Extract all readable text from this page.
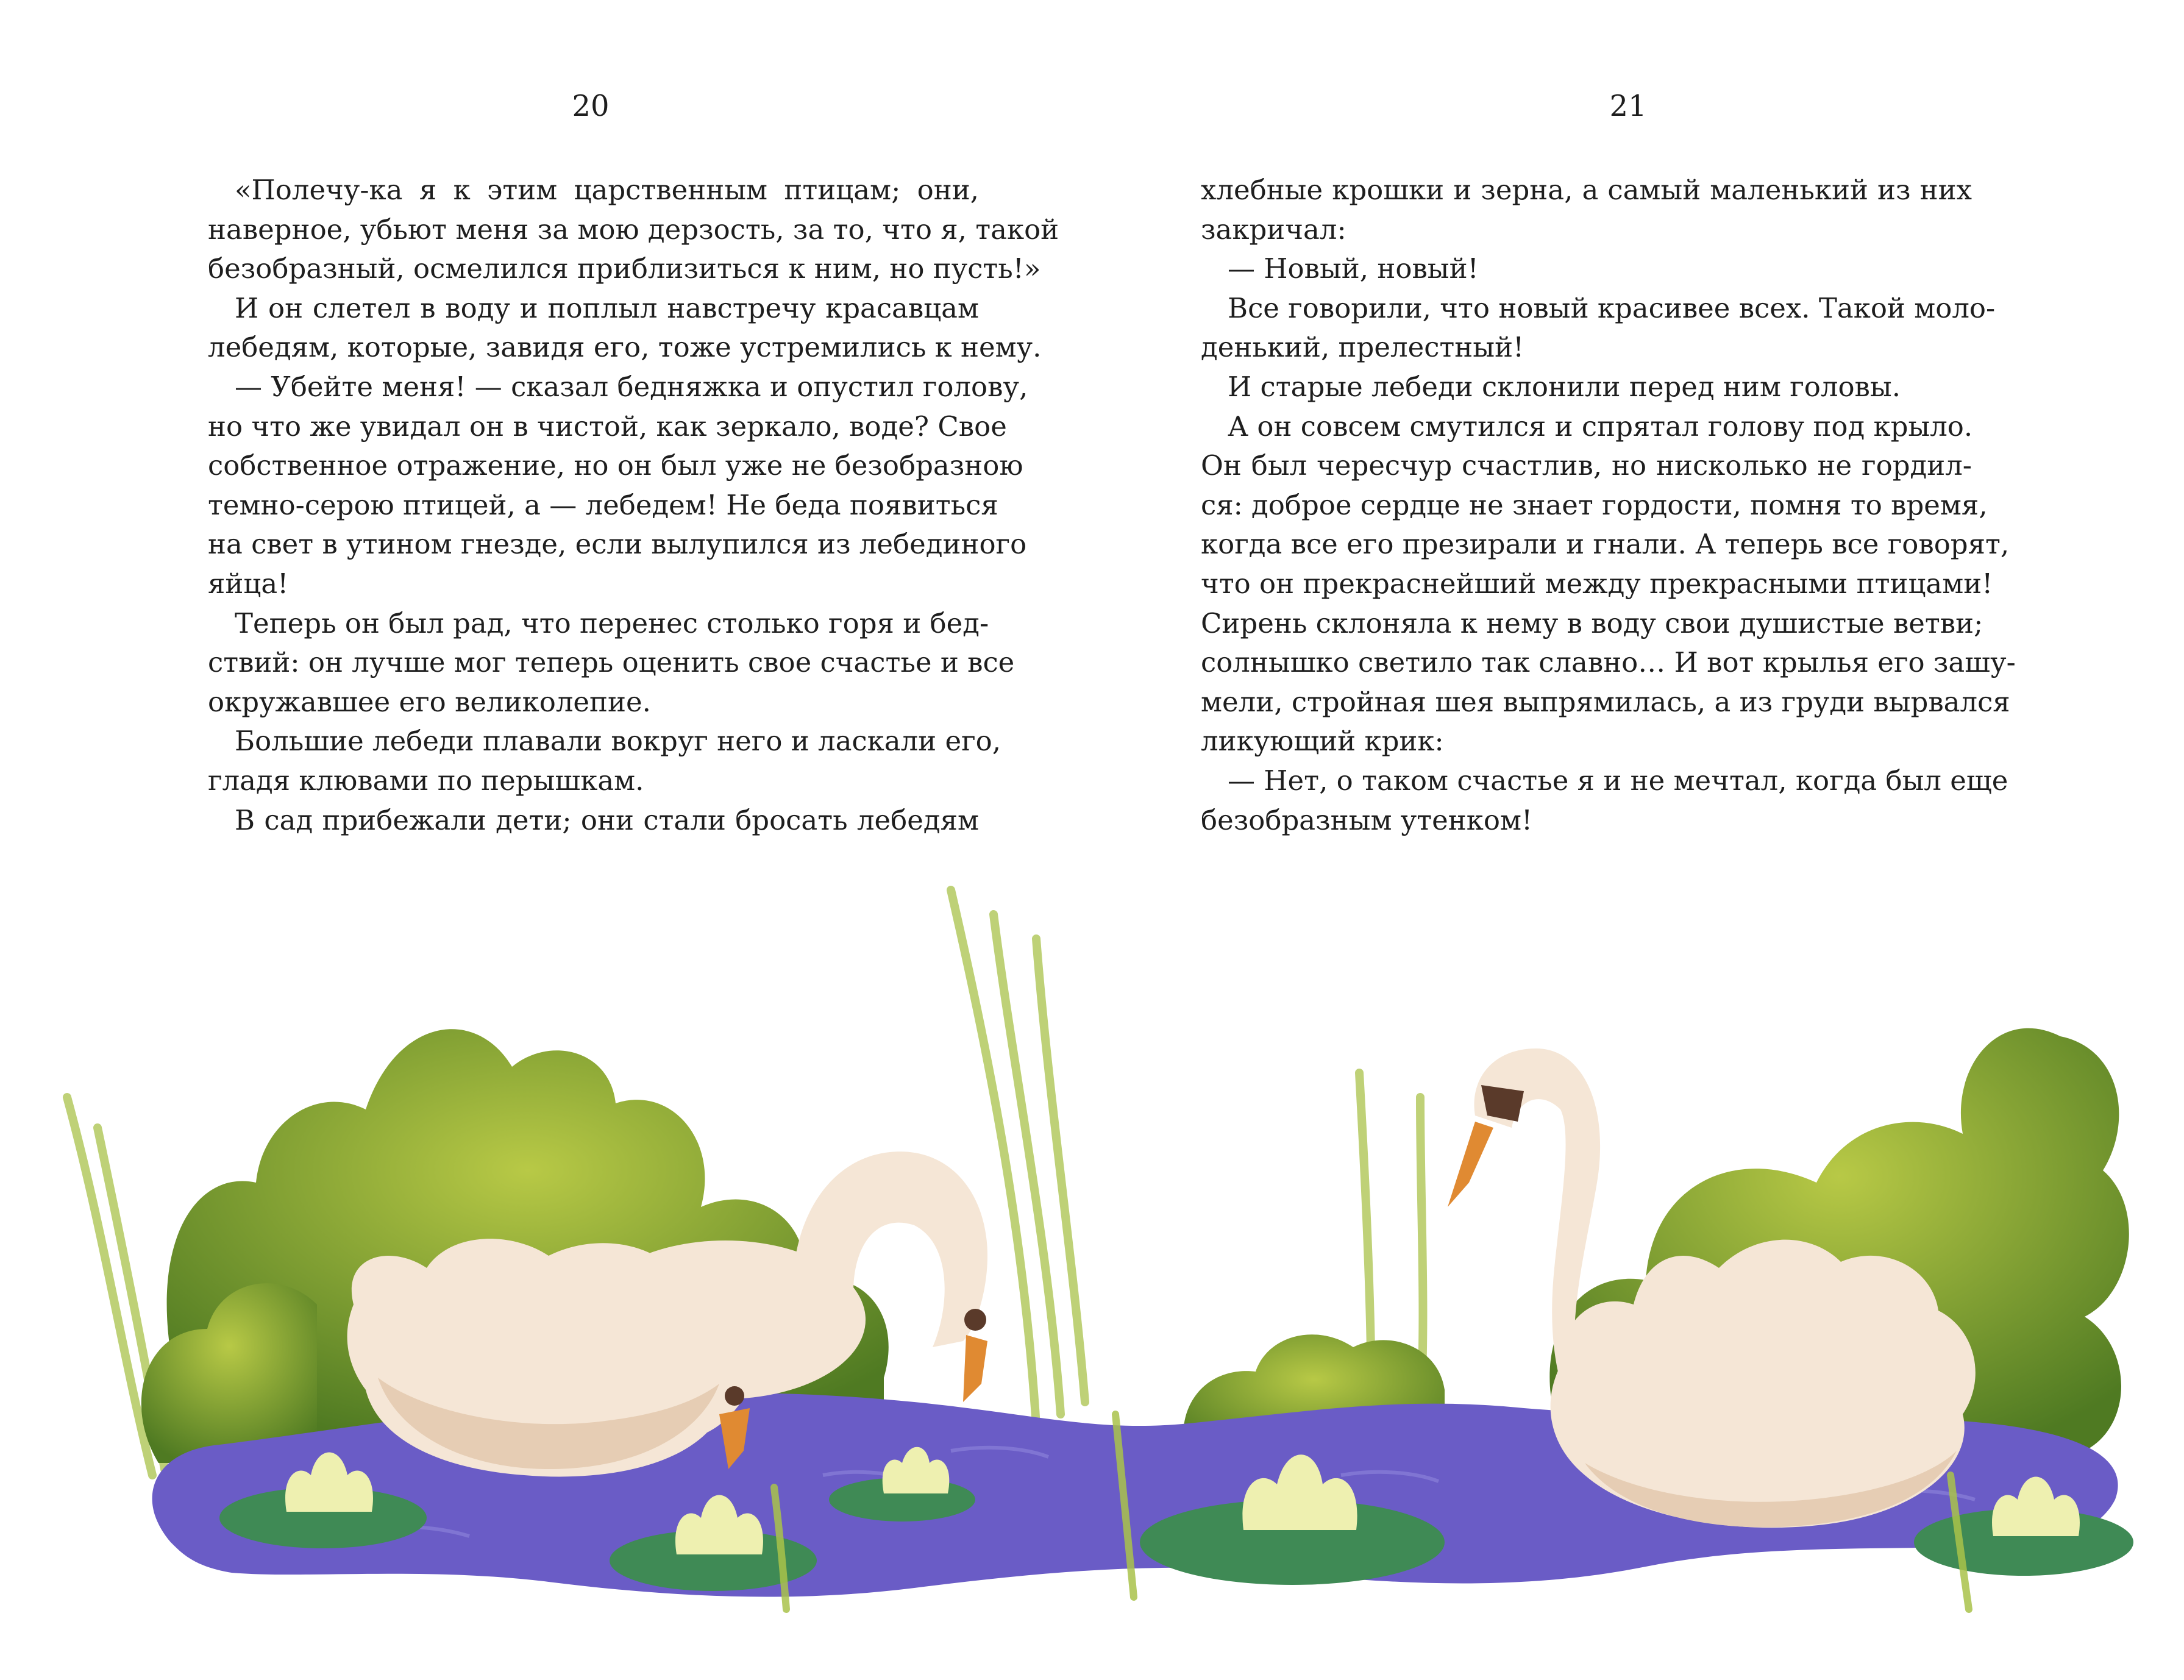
20	21
«Полечу-ка я к этим царственным птицам; они,
наверное, убьют меня за мою дерзость, за то, что я, такой
безобразный, осмелился приблизиться к ним, но пусть!»
И он слетел в воду и поплыл навстречу красавцам
лебедям, которые, завидя его, тоже устремились к нему.
— Убейте меня! — сказал бедняжка и опустил голову,
но что же увидал он в чистой, как зеркало, воде? Свое
собственное отражение, но он был уже не безобразною
темно-серою птицей, а — лебедем! Не беда появиться
на свет в утином гнезде, если вылупился из лебединого
яйца!
Теперь он был рад, что перенес столько горя и бед-
ствий: он лучше мог теперь оценить свое счастье и все
окружавшее его великолепие.
Большие лебеди плавали вокруг него и ласкали его,
гладя клювами по перышкам.
В сад прибежали дети; они стали бросать лебедям
хлебные крошки и зерна, а самый маленький из них
закричал:
— Новый, новый!
Все говорили, что новый красивее всех. Такой моло-
денький, прелестный!
И старые лебеди склонили перед ним головы.
А он совсем смутился и спрятал голову под крыло.
Он был чересчур счастлив, но нисколько не гордил-
ся: доброе сердце не знает гордости, помня то время,
когда все его презирали и гнали. А теперь все говорят,
что он прекраснейший между прекрасными птицами!
Сирень склоняла к нему в воду свои душистые ветви;
солнышко светило так славно… И вот крылья его зашу-
мели, стройная шея выпрямилась, а из груди вырвался
ликующий крик:
— Нет, о таком счастье я и не мечтал, когда был еще
безобразным утенком!
